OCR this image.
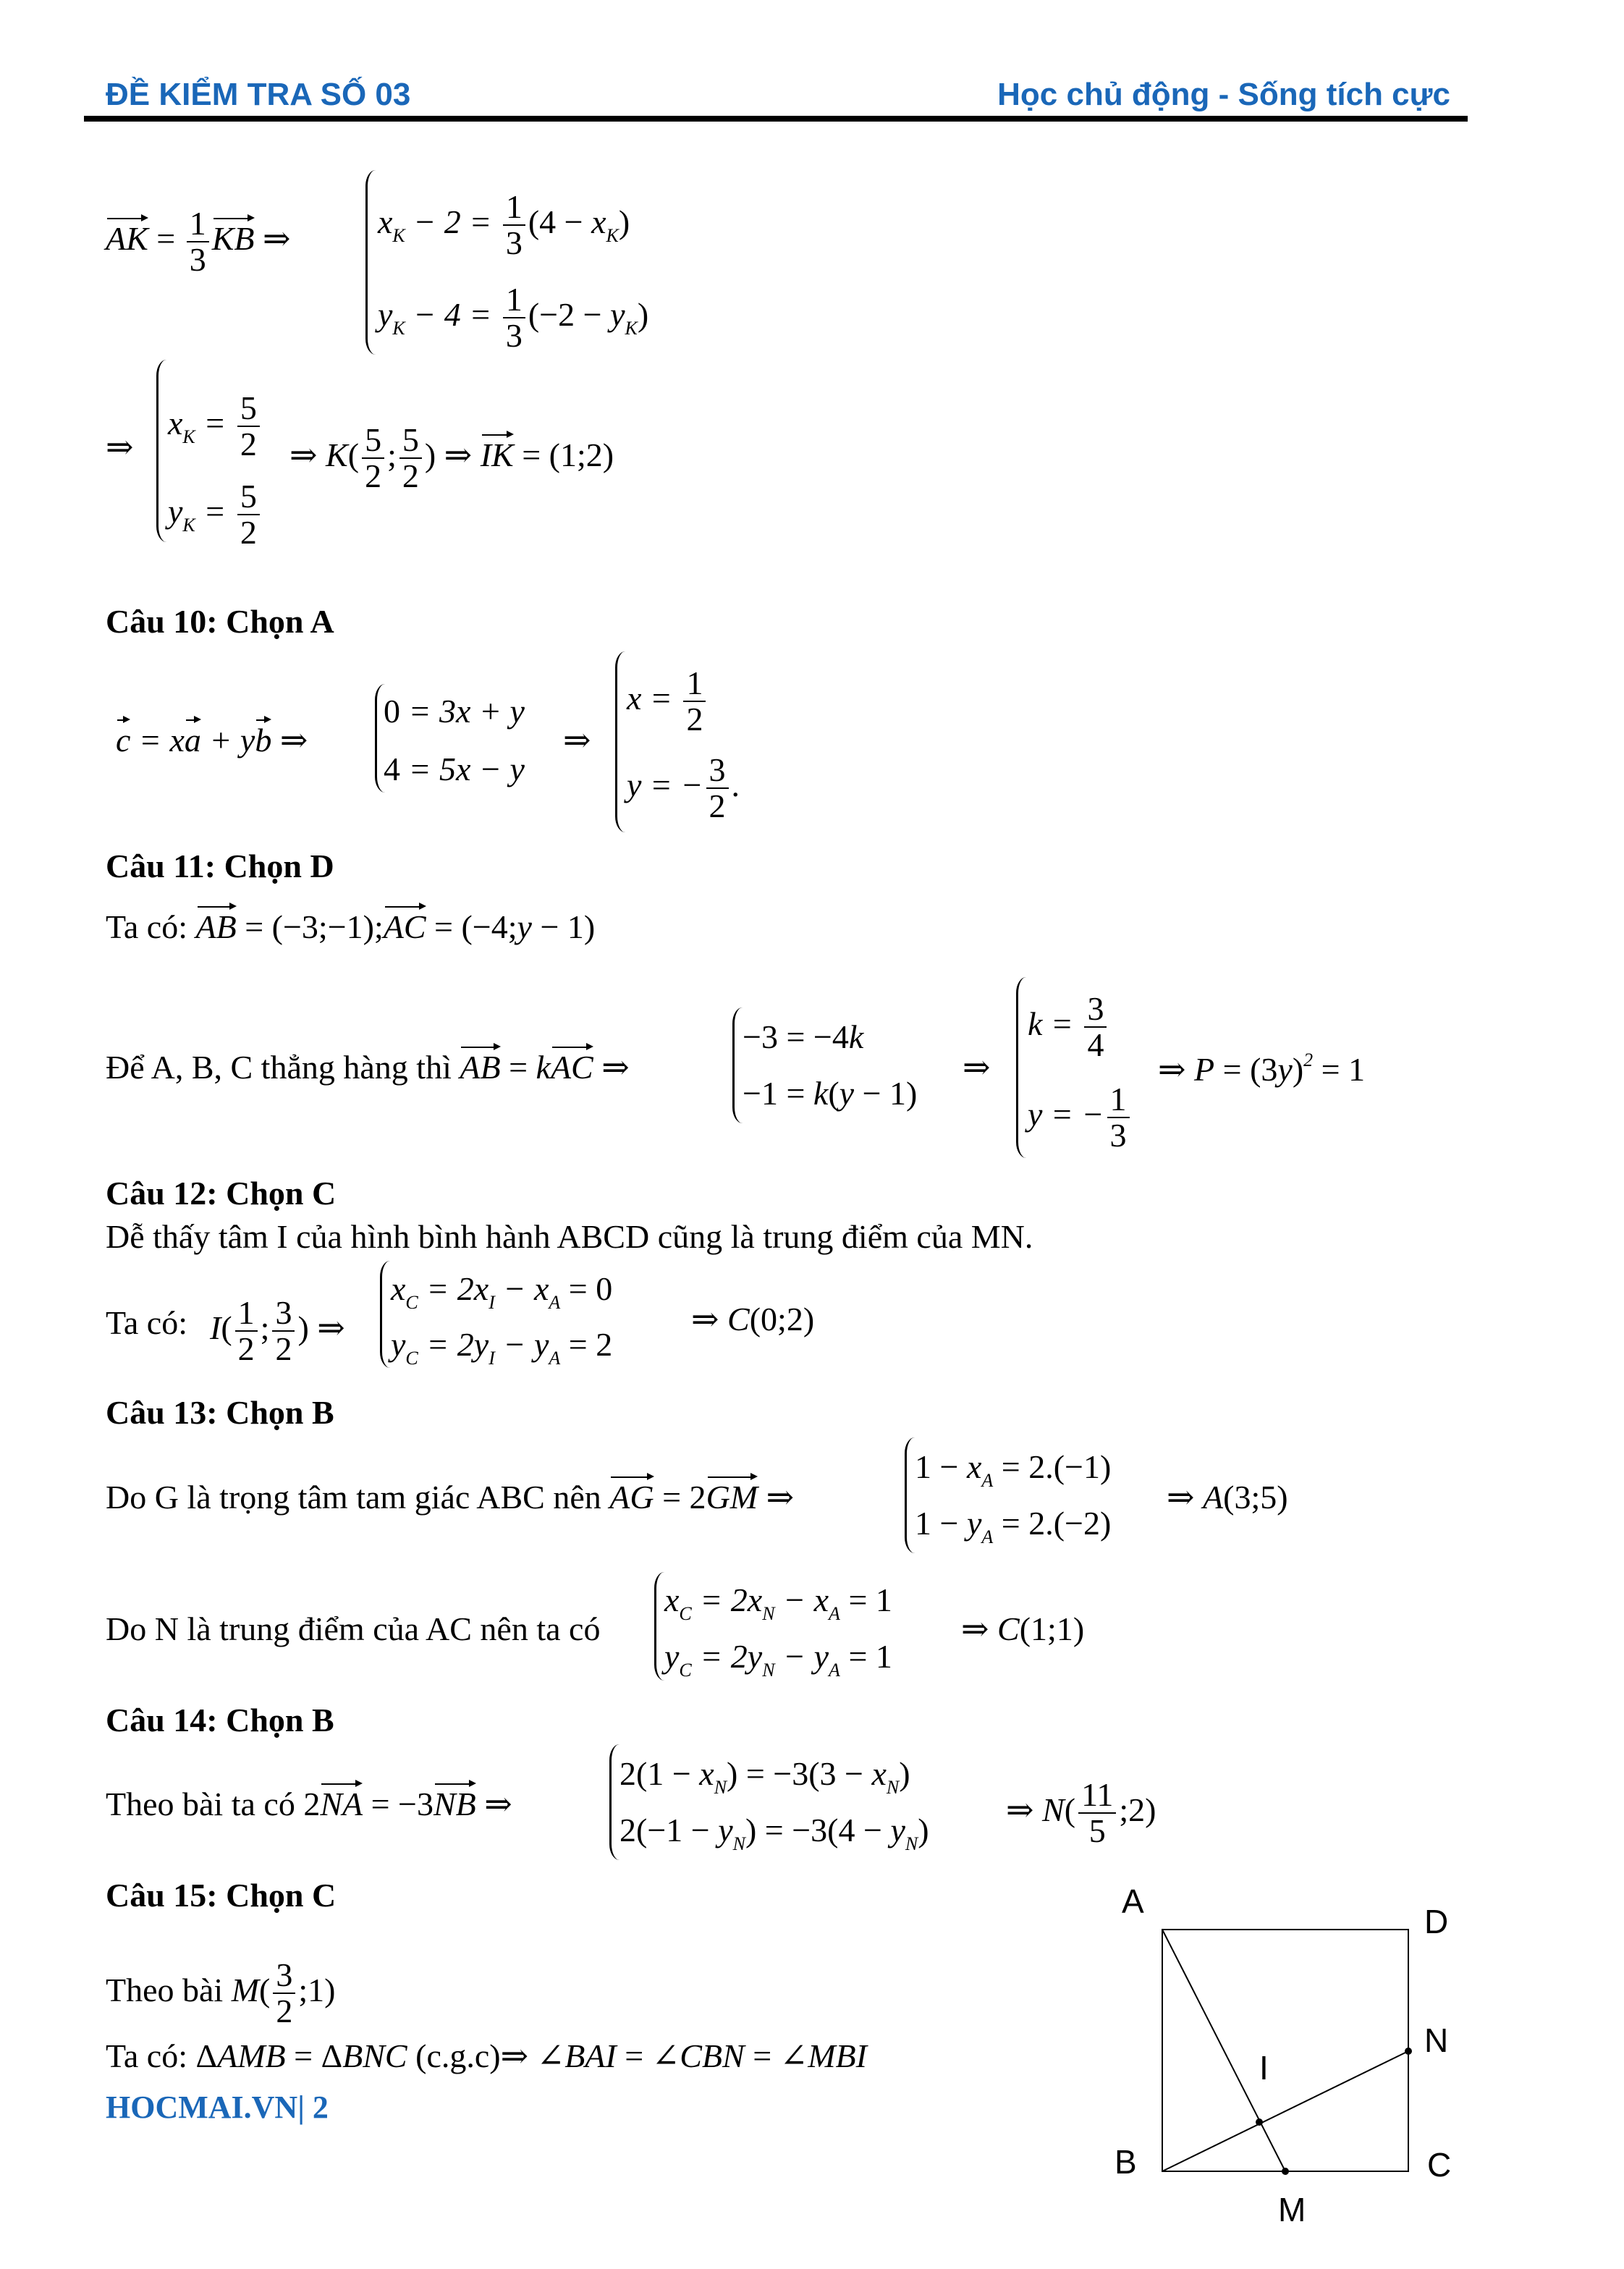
ĐỀ KIỂM TRA SỐ 03	Học chủ động - Sống tích cực
AK = $\frac{1}{3}$ KB ⇒	$x_K - 2 = \frac{1}{3} (4 - x_K)$
$y_K - 4 = \frac{1}{3} (-2 - y_K)$
⇒
$x_K = \frac{5}{2}$
$y_K = \frac{5}{2}$
⇒ $K( \frac{5}{2}$ ; $\frac{5}{2}$ ) ⇒ IK = (1;2)
Câu 10: Chọn A
c = xa + yb ⇒
0 = 3x + y
4 = 5x − y
⇒
$x = \frac{1}{2}$
y = − $\frac{3}{2}$ .
Câu 11: Chọn D
Ta có: AB = (−3;−1);AC = (−4;y − 1)
Để A, B, C thẳng hàng thì AB = kAC ⇒
−3 = −4k
−1 = k(y − 1)
⇒
$k = \frac{3}{4}$
y = − $\frac{1}{3}$
⇒ $P = (3y)^2 = 1$
Câu 12: Chọn C
Dễ thấy tâm I của hình bình hành ABCD cũng là trung điểm của MN.
Ta có: $I( \frac{1}{2}$ ; $\frac{3}{2}$ ) ⇒
$x_C = 2x_I - x_A = 0$
$y_C = 2y_I - y_A = 2$
⇒ C(0;2)
Câu 13: Chọn B
Do G là trọng tâm tam giác ABC nên AG = 2GM ⇒
$1 - x_A = 2.(-1)$
$1 - y_A = 2.(-2)$
⇒ A(3;5)
Do N là trung điểm của AC nên ta có
$x_C = 2x_N - x_A = 1$
$y_C = 2y_N - y_A = 1$
⇒ C(1;1)
Câu 14: Chọn B
Theo bài ta có 2NA = −3NB ⇒
$2(1 - x_N) = -3(3 - x_N)$
$2(-1 - y_N) = -3(4 - y_N)$
⇒ $N( \frac{11}{5}$ ;2)
Câu 15: Chọn C
Theo bài $M( \frac{3}{2}$ ;1)
Ta có: ΔAMB = ΔBNC (c.g.c)⇒ ∠BAI = ∠CBN = ∠MBI
HOCMAI.VN| 2
A
D
N
I
B	C
M
